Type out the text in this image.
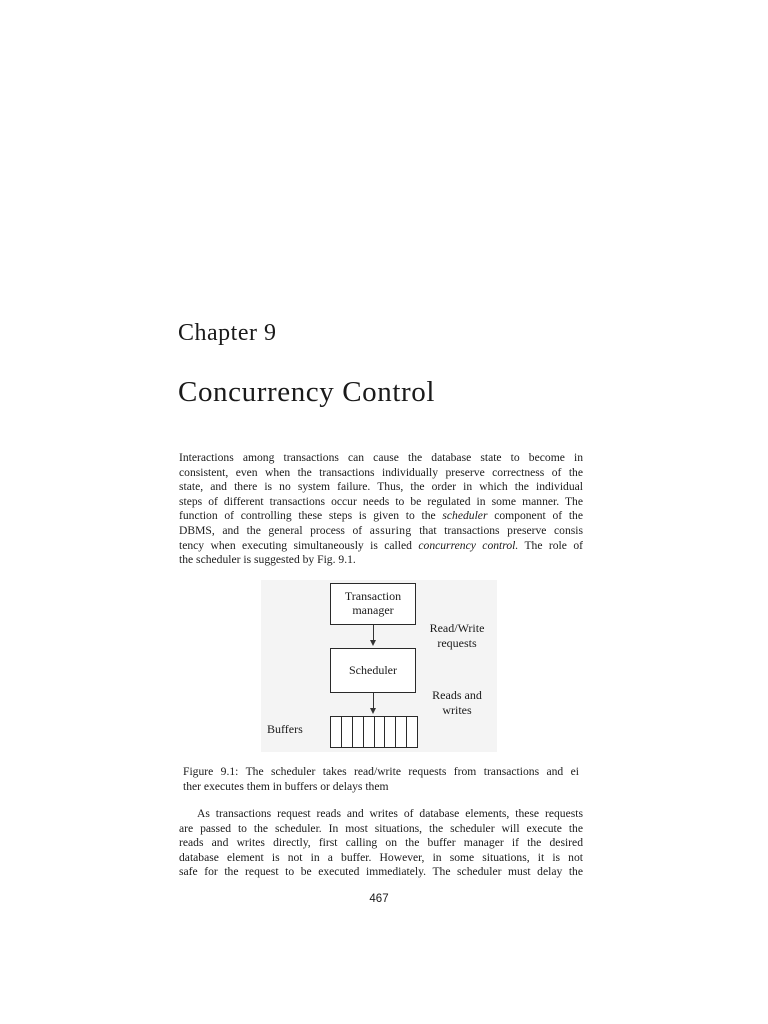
Chapter 9
Concurrency Control
Interactions among transactions can cause the database state to become in
consistent, even when the transactions individually preserve correctness of the
state, and there is no system failure. Thus, the order in which the individual
steps of different transactions occur needs to be regulated in some manner. The
function of controlling these steps is given to the scheduler component of the
DBMS, and the general process of assuring that transactions preserve consis
tency when executing simultaneously is called concurrency control. The role of
the scheduler is suggested by Fig. 9.1.
Transaction
manager
Read/Write
requests
Scheduler
Reads and
writes
Buffers
Figure 9.1: The scheduler takes read/write requests from transactions and ei
ther executes them in buffers or delays them
As transactions request reads and writes of database elements, these requests
are passed to the scheduler. In most situations, the scheduler will execute the
reads and writes directly, first calling on the buffer manager if the desired
database element is not in a buffer. However, in some situations, it is not
safe for the request to be executed immediately. The scheduler must delay the
467
